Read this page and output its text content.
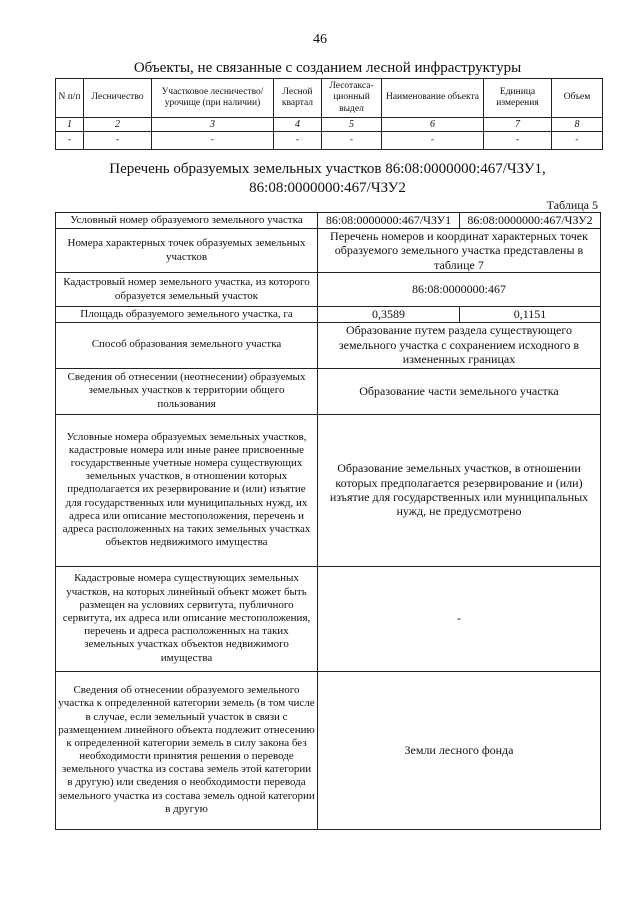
46
Объекты, не связанные с созданием лесной инфраструктуры
N п/п	Лесничество	Участковое лесничество/урочище (при наличии)	Лесной квартал	Лесотакса-ционный выдел	Наименование объекта	Единица измерения	Объем
1	2	3	4	5	6	7	8
-	-	-	-	-	-	-	-
Перечень образуемых земельных участков 86:08:0000000:467/ЧЗУ1,
86:08:0000000:467/ЧЗУ2
Таблица 5
Условный номер образуемого земельного участка	86:08:0000000:467/ЧЗУ1	86:08:0000000:467/ЧЗУ2
Номера характерных точек образуемых земельных участков	Перечень номеров и координат характерных точек образуемого земельного участка представлены в таблице 7	
Кадастровый номер земельного участка, из которого образуется земельный участок	86:08:0000000:467	
Площадь образуемого земельного участка, га	0,3589	0,1151
Способ образования земельного участка	Образование путем раздела существующего земельного участка с сохранением исходного в измененных границах	
Сведения об отнесении (неотнесении) образуемых земельных участков к территории общего пользования	Образование части земельного участка	
Условные номера образуемых земельных участков, кадастровые номера или иные ранее присвоенные государственные учетные номера существующих земельных участков, в отношении которых предполагается их резервирование и (или) изъятие для государственных или муниципальных нужд, их адреса или описание местоположения, перечень и адреса расположенных на таких земельных участках объектов недвижимого имущества	Образование земельных участков, в отношении которых предполагается резервирование и (или) изъятие для государственных или муниципальных нужд, не предусмотрено	
Кадастровые номера существующих земельных участков, на которых линейный объект может быть размещен на условиях сервитута, публичного сервитута, их адреса или описание местоположения, перечень и адреса расположенных на таких земельных участках объектов недвижимого имущества	-	
Сведения об отнесении образуемого земельного участка к определенной категории земель (в том числе в случае, если земельный участок в связи с размещением линейного объекта подлежит отнесению к определенной категории земель в силу закона без необходимости принятия решения о переводе земельного участка из состава земель этой категории в другую) или сведения о необходимости перевода земельного участка из состава земель одной категории в другую	Земли лесного фонда	
